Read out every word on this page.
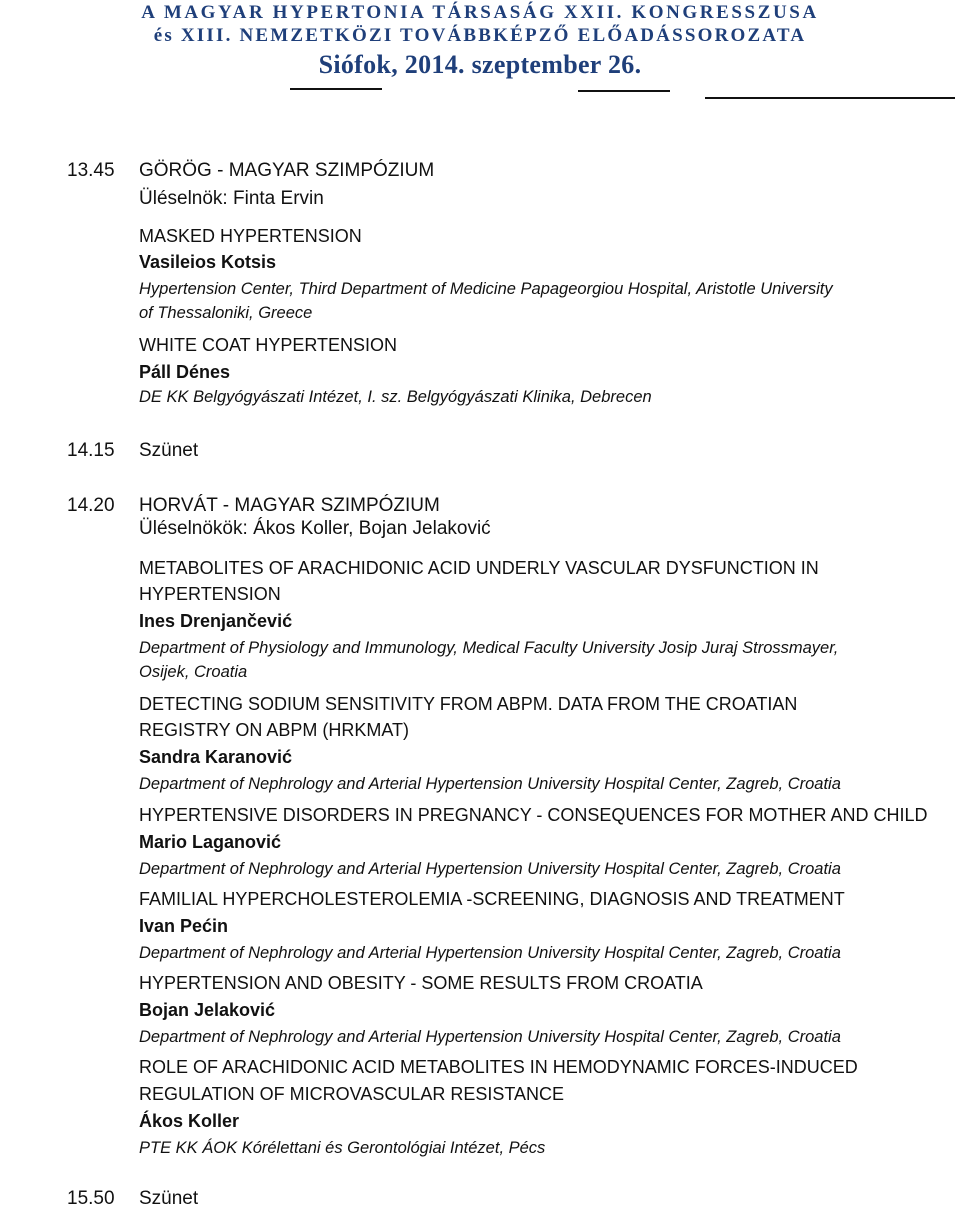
A MAGYAR HYPERTONIA TÁRSASÁG XXII. KONGRESSZUSA
és XIII. NEMZETKÖZI TOVÁBBKÉPZŐ ELŐADÁSSOROZATA
Siófok, 2014. szeptember 26.
13.45 GÖRÖG - MAGYAR SZIMPÓZIUM
Üléselnök: Finta Ervin
MASKED HYPERTENSION
Vasileios Kotsis
Hypertension Center, Third Department of Medicine Papageorgiou Hospital, Aristotle University
of Thessaloniki, Greece
WHITE COAT HYPERTENSION
Páll Dénes
DE KK Belgyógyászati Intézet, I. sz. Belgyógyászati Klinika, Debrecen
14.15 Szünet
14.20 HORVÁT - MAGYAR SZIMPÓZIUM
Üléselnökök: Ákos Koller, Bojan Jelaković
METABOLITES OF ARACHIDONIC ACID UNDERLY VASCULAR DYSFUNCTION IN
HYPERTENSION
Ines Drenjančević
Department of Physiology and Immunology, Medical Faculty University Josip Juraj Strossmayer,
Osijek, Croatia
DETECTING SODIUM SENSITIVITY FROM ABPM. DATA FROM THE CROATIAN
REGISTRY ON ABPM (HRKMAT)
Sandra Karanović
Department of Nephrology and Arterial Hypertension University Hospital Center, Zagreb, Croatia
HYPERTENSIVE DISORDERS IN PREGNANCY - CONSEQUENCES FOR MOTHER AND CHILD
Mario Laganović
Department of Nephrology and Arterial Hypertension University Hospital Center, Zagreb, Croatia
FAMILIAL HYPERCHOLESTEROLEMIA -SCREENING, DIAGNOSIS AND TREATMENT
Ivan Pećin
Department of Nephrology and Arterial Hypertension University Hospital Center, Zagreb, Croatia
HYPERTENSION AND OBESITY - SOME RESULTS FROM CROATIA
Bojan Jelaković
Department of Nephrology and Arterial Hypertension University Hospital Center, Zagreb, Croatia
ROLE OF ARACHIDONIC ACID METABOLITES IN HEMODYNAMIC FORCES-INDUCED
REGULATION OF MICROVASCULAR RESISTANCE
Ákos Koller
PTE KK ÁOK Kórélettani és Gerontológiai Intézet, Pécs
15.50 Szünet
